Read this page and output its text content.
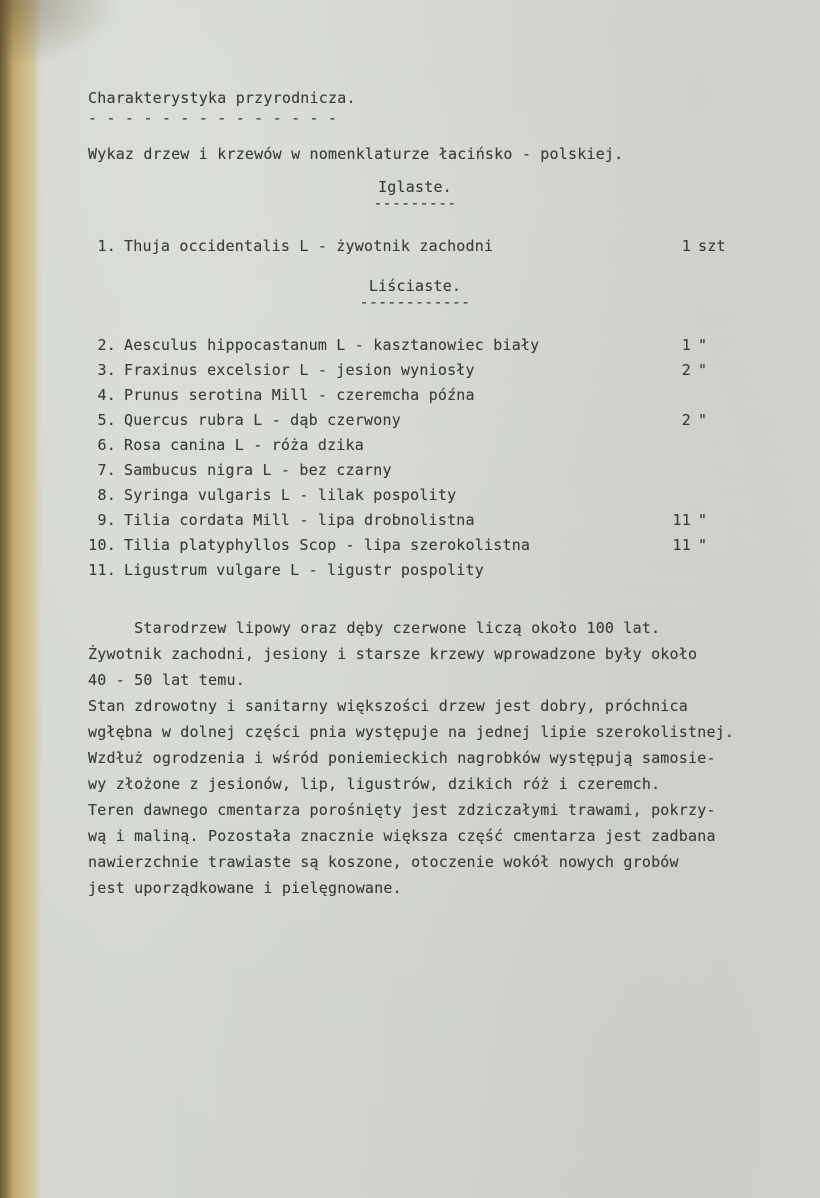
Charakterystyka przyrodnicza.
- - - - - - - - - - - - - -
Wykaz drzew i krzewów w nomenklaturze łacińsko - polskiej.
Iglaste.
---------
1. Thuja occidentalis L - żywotnik zachodni	1 szt
Liściaste.
------------
2. Aesculus hippocastanum L - kasztanowiec biały	1 "
3. Fraxinus excelsior L - jesion wyniosły	2 "
4. Prunus serotina Mill - czeremcha późna
5. Quercus rubra L - dąb czerwony	2 "
6. Rosa canina L - róża dzika
7. Sambucus nigra L - bez czarny
8. Syringa vulgaris L - lilak pospolity
9. Tilia cordata Mill - lipa drobnolistna	11 "
10. Tilia platyphyllos Scop - lipa szerokolistna	11 "
11. Ligustrum vulgare L - ligustr pospolity
Starodrzew lipowy oraz dęby czerwone liczą około 100 lat.
Żywotnik zachodni, jesiony i starsze krzewy wprowadzone były około
40 - 50 lat temu.
Stan zdrowotny i sanitarny większości drzew jest dobry, próchnica
wgłębna w dolnej części pnia występuje na jednej lipie szerokolistnej.
Wzdłuż ogrodzenia i wśród poniemieckich nagrobków występują samosie-
wy złożone z jesionów, lip, ligustrów, dzikich róż i czeremch.
Teren dawnego cmentarza porośnięty jest zdziczałymi trawami, pokrzy-
wą i maliną. Pozostała znacznie większa część cmentarza jest zadbana
nawierzchnie trawiaste są koszone, otoczenie wokół nowych grobów
jest uporządkowane i pielęgnowane.
